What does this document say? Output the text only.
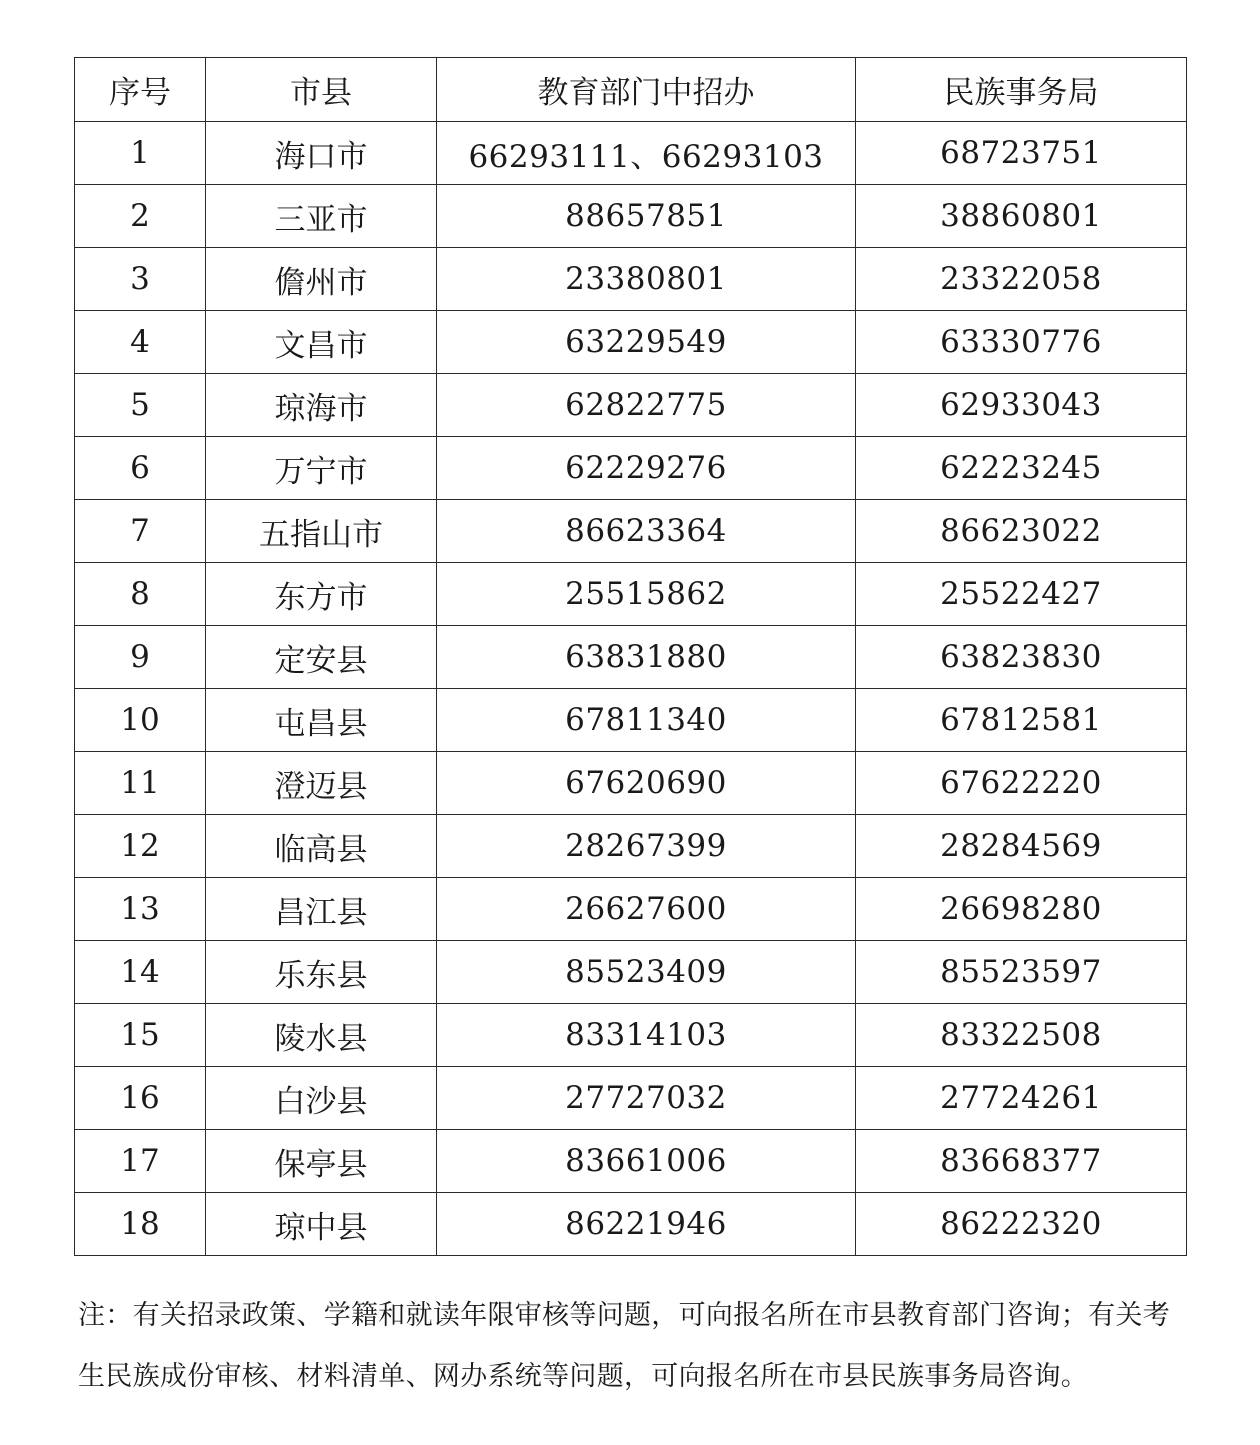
序号	市县	教育部门中招办	民族事务局
1	海口市	66293111、66293103	68723751
2	三亚市	88657851	38860801
3	儋州市	23380801	23322058
4	文昌市	63229549	63330776
5	琼海市	62822775	62933043
6	万宁市	62229276	62223245
7	五指山市	86623364	86623022
8	东方市	25515862	25522427
9	定安县	63831880	63823830
10	屯昌县	67811340	67812581
11	澄迈县	67620690	67622220
12	临高县	28267399	28284569
13	昌江县	26627600	26698280
14	乐东县	85523409	85523597
15	陵水县	83314103	83322508
16	白沙县	27727032	27724261
17	保亭县	83661006	83668377
18	琼中县	86221946	86222320
注：有关招录政策、学籍和就读年限审核等问题，可向报名所在市县教育部门咨询；有关考生民族成份审核、材料清单、网办系统等问题，可向报名所在市县民族事务局咨询。
